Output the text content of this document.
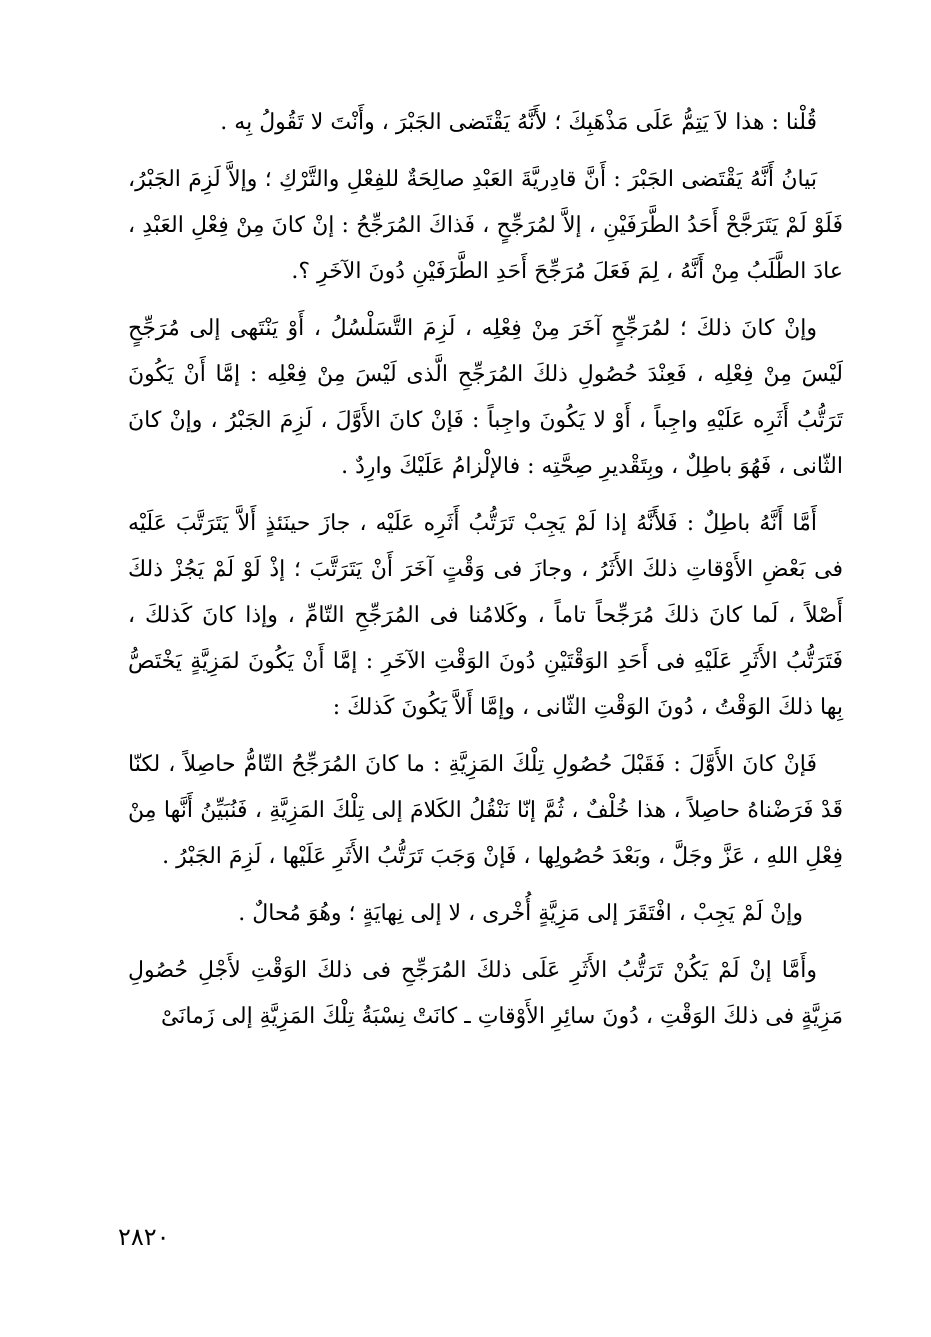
قُلْنا : هذا لاَ يَتِمُّ عَلَى مَذْهَبِكَ ؛ لأَنَّهُ يَقْتَضى الجَبْرَ ، وأَنْتَ لا تَقُولُ بِه .

بَيانُ أَنَّهُ يَقْتَضى الجَبْرَ : أَنَّ قادِريَّةَ العَبْدِ صالِحَةٌ للفِعْلِ والتَّرْكِ ؛ وإلاَّ لَزِمَ الجَبْرُ، فَلَوْ لَمْ يَتَرَجَّحْ أَحَدُ الطَّرَفَيْنِ ، إلاَّ لمُرَجِّحٍ ، فَذاكَ المُرَجِّحُ : إنْ كانَ مِنْ فِعْلِ العَبْدِ ، عادَ الطَّلَبُ مِنْ أَنَّهُ ، لِمَ فَعَلَ مُرَجِّحَ أَحَدِ الطَّرَفَيْنِ دُونَ الآخَرِ ؟.

وإنْ كانَ ذلكَ ؛ لمُرَجِّحٍ آخَرَ مِنْ فِعْلِه ، لَزِمَ التَّسَلْسُلُ ، أَوْ يَنْتَهى إلى مُرَجِّحٍ لَيْسَ مِنْ فِعْلِه ، فَعِنْدَ حُصُولِ ذلكَ المُرَجِّحِ الَّذى لَيْسَ مِنْ فِعْلِه : إمَّا أَنْ يَكُونَ تَرَتُّبُ أَثَرِه عَلَيْهِ واجِباً ، أَوْ لا يَكُونَ واجِباً : فَإنْ كانَ الأَوَّلَ ، لَزِمَ الجَبْرُ ، وإنْ كانَ الثّانى ، فَهُوَ باطِلٌ ، وبِتَقْديرِ صِحَّتِه : فالإلْزامُ عَلَيْكَ وارِدٌ .

أَمَّا أَنَّهُ باطِلٌ : فَلأَنَّهُ إذا لَمْ يَجِبْ تَرَتُّبُ أَثَرِه عَلَيْه ، جازَ حينَئذٍ أَلاَّ يَتَرَتَّبَ عَلَيْه فى بَعْضِ الأَوْقاتِ ذلكَ الأَثَرُ ، وجازَ فى وَقْتٍ آخَرَ أَنْ يَتَرَتَّبَ ؛ إذْ لَوْ لَمْ يَجُزْ ذلكَ أَصْلاً ، لَما كانَ ذلكَ مُرَجِّحاً تاماً ، وكَلامُنا فى المُرَجِّحِ التّامِّ ، وإذا كانَ كَذلكَ ، فَتَرَتُّبُ الأَثَرِ عَلَيْهِ فى أَحَدِ الوَقْتَيْنِ دُونَ الوَقْتِ الآخَرِ : إمَّا أَنْ يَكُونَ لمَزِيَّةٍ يَخْتَصُّ بِها ذلكَ الوَقْتُ ، دُونَ الوَقْتِ الثّانى ، وإمَّا أَلاَّ يَكُونَ كَذلكَ :

فَإنْ كانَ الأَوَّلَ : فَقَبْلَ حُصُولِ تِلْكَ المَزِيَّةِ : ما كانَ المُرَجِّحُ التّامُّ حاصِلاً ، لكنّا قَدْ فَرَضْناهُ حاصِلاً ، هذا خُلْفٌ ، ثُمَّ إنّا نَنْقُلُ الكَلامَ إلى تِلْكَ المَزِيَّةِ ، فَنُبَيِّنُ أَنَّها مِنْ فِعْلِ اللهِ ، عَزَّ وجَلَّ ، وبَعْدَ حُصُولِها ، فَإنْ وَجَبَ تَرَتُّبُ الأَثَرِ عَلَيْها ، لَزِمَ الجَبْرُ .

وإنْ لَمْ يَجِبْ ، افْتَقَرَ إلى مَزِيَّةٍ أُخْرى ، لا إلى نِهايَةٍ ؛ وهُوَ مُحالٌ .

وأَمَّا إنْ لَمْ يَكُنْ تَرَتُّبُ الأَثَرِ عَلَى ذلكَ المُرَجِّحِ فى ذلكَ الوَقْتِ لأَجْلِ حُصُولِ مَزِيَّةٍ فى ذلكَ الوَقْتِ ، دُونَ سائِرِ الأَوْقاتِ ـ كانَتْ نِسْبَةُ تِلْكَ المَزِيَّةِ إلى زَمانَىْ

٢٨٢٠
